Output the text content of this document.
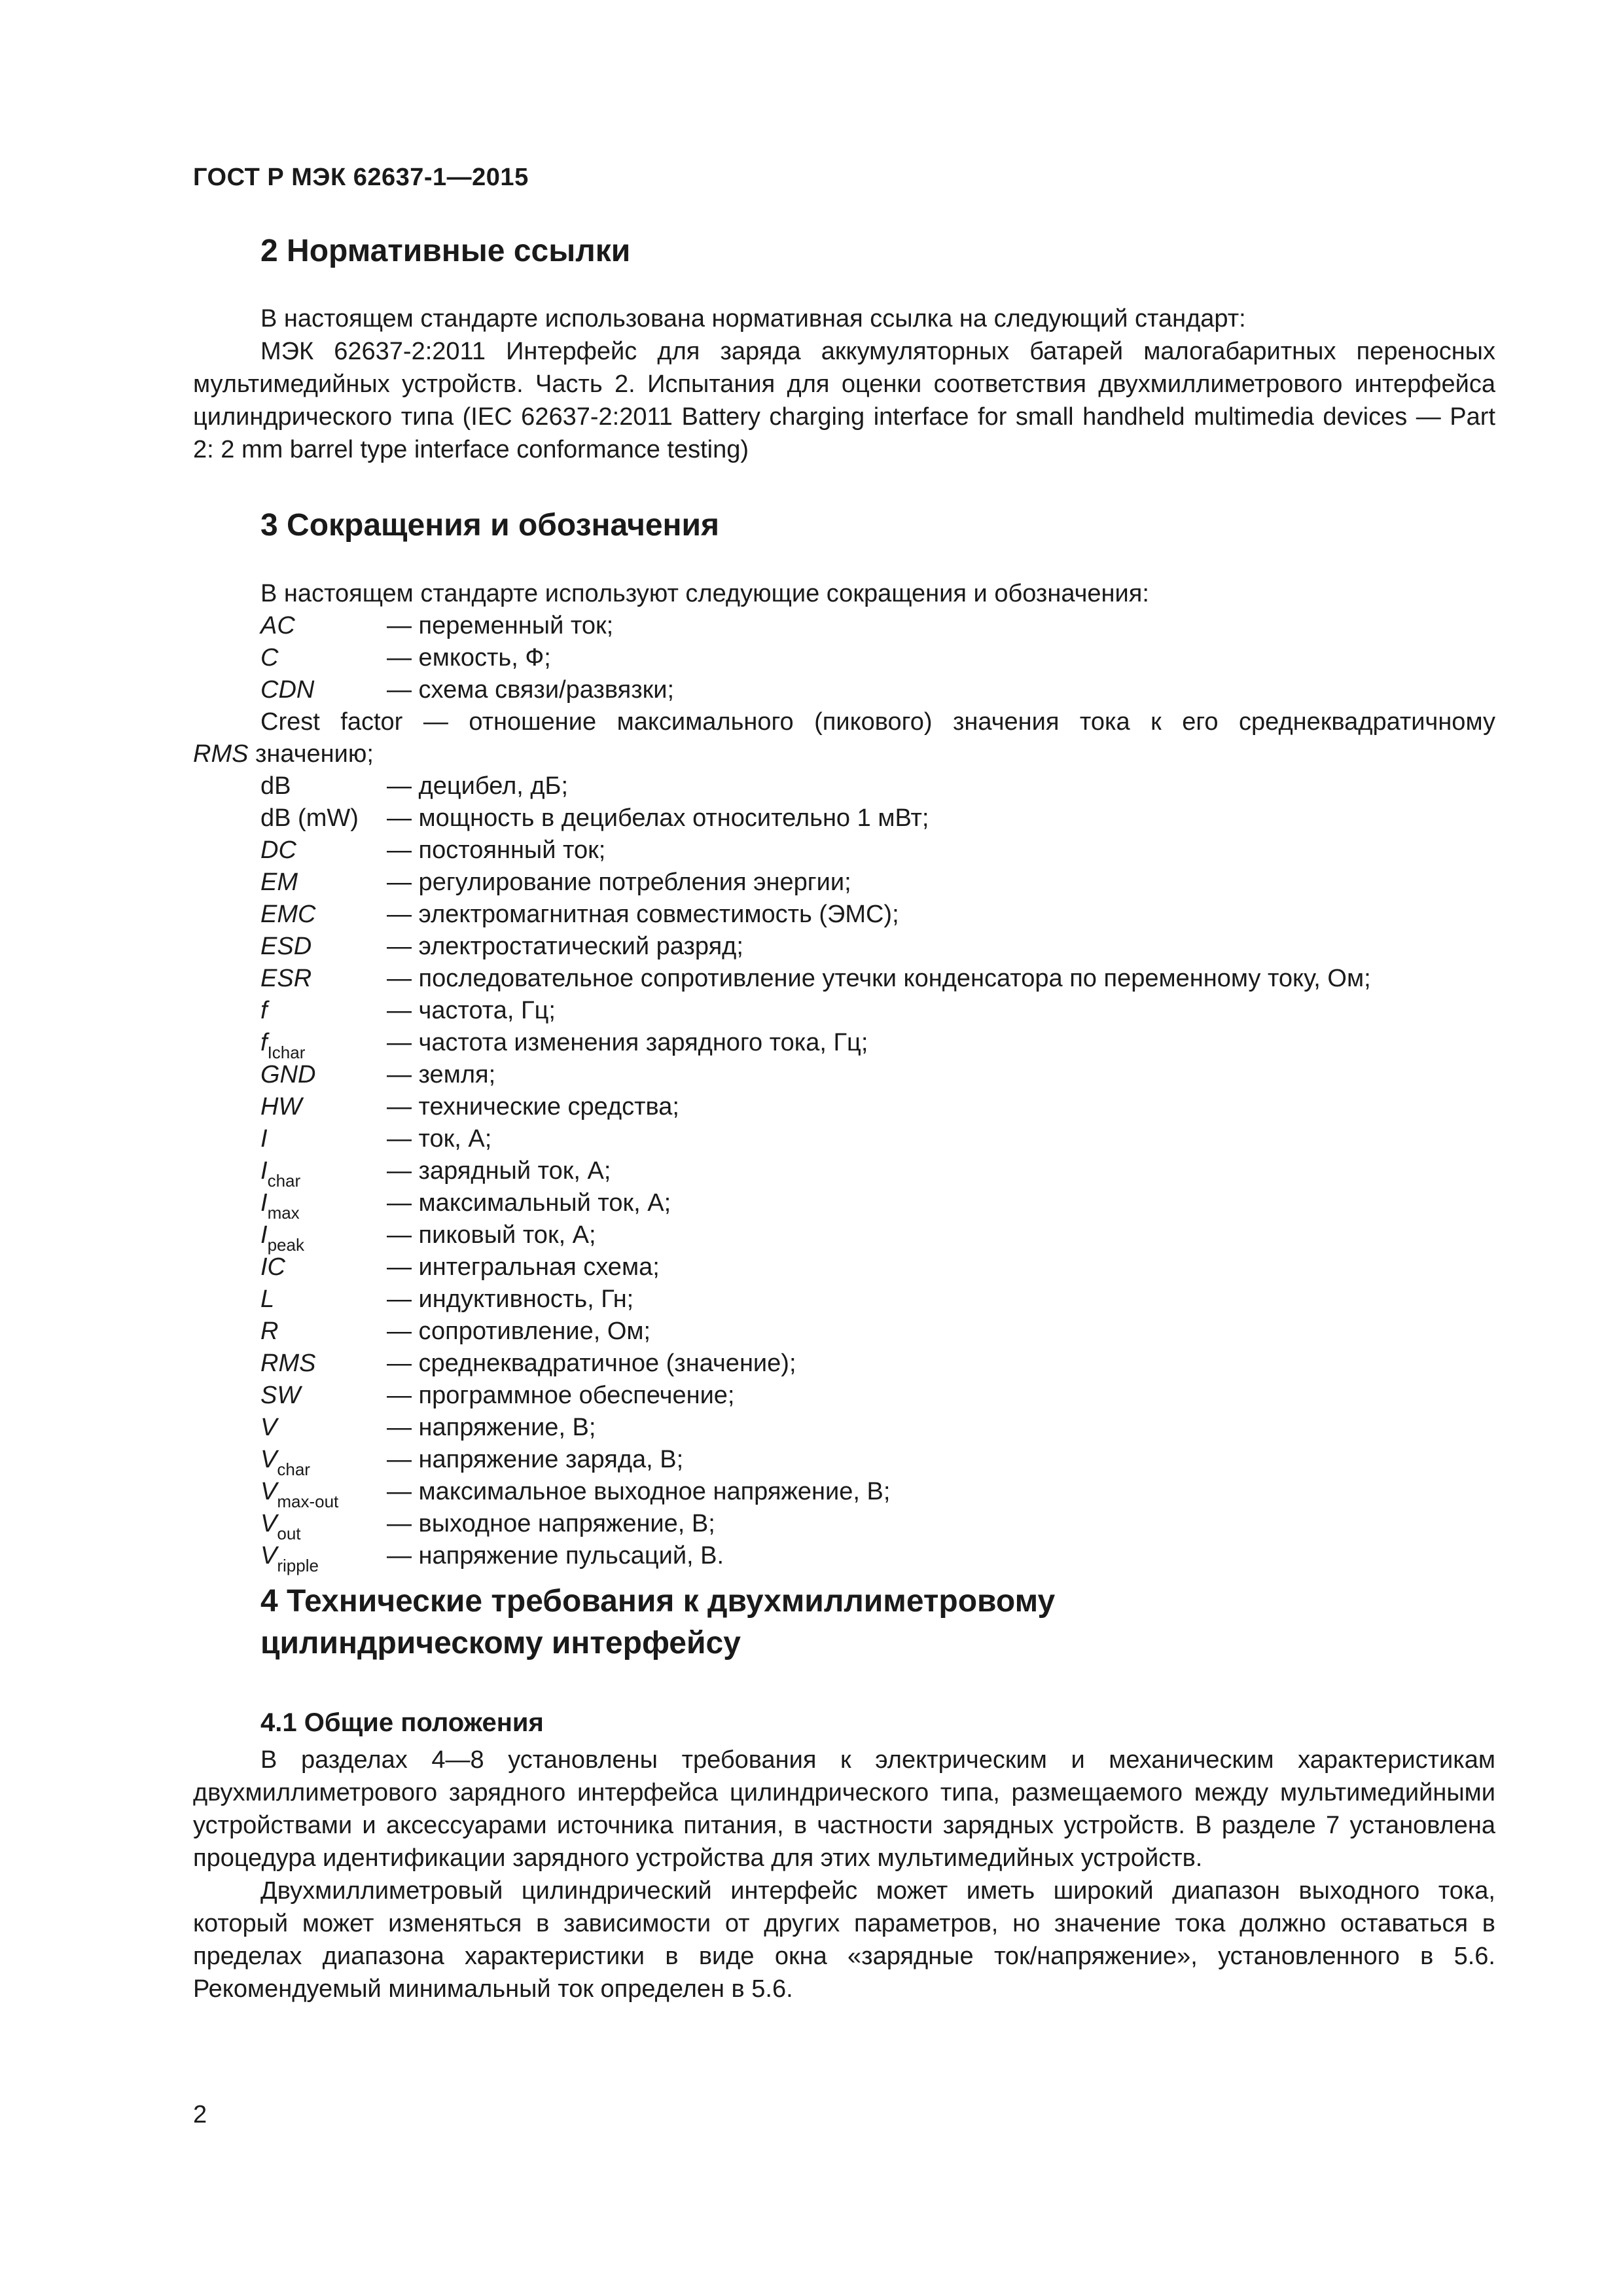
ГОСТ Р МЭК 62637-1—2015
2 Нормативные ссылки

В настоящем стандарте использована нормативная ссылка на следующий стандарт:

МЭК 62637-2:2011 Интерфейс для заряда аккумуляторных батарей малогабаритных переносных мультимедийных устройств. Часть 2. Испытания для оценки соответствия двухмиллиметрового интерфейса цилиндрического типа (IEC 62637-2:2011 Battery charging interface for small handheld multimedia devices — Part 2: 2 mm barrel type interface conformance testing)

3 Сокращения и обозначения
В настоящем стандарте используют следующие сокращения и обозначения:
AC	— переменный ток;
C	— емкость, Ф;
CDN	— схема связи/развязки;
Crest factor — отношение максимального (пикового) значения тока к его среднеквадратичному
RMS значению;
dB	— децибел, дБ;
dB (mW)	— мощность в децибелах относительно 1 мВт;
DC	— постоянный ток;
EM	— регулирование потребления энергии;
EMC	— электромагнитная совместимость (ЭМС);
ESD	— электростатический разряд;
ESR	— последовательное сопротивление утечки конденсатора по переменному току, Ом;
f	— частота, Гц;
$f_{Ichar}$	— частота изменения зарядного тока, Гц;
GND	— земля;
HW	— технические средства;
I	— ток, А;
$I_{char}$	— зарядный ток, А;
$I_{max}$	— максимальный ток, А;
$I_{peak}$	— пиковый ток, А;
IC	— интегральная схема;
L	— индуктивность, Гн;
R	— сопротивление, Ом;
RMS	— среднеквадратичное (значение);
SW	— программное обеспечение;
V	— напряжение, В;
$V_{char}$	— напряжение заряда, В;
$V_{max-out}$	— максимальное выходное напряжение, В;
$V_{out}$	— выходное напряжение, В;
$V_{ripple}$	— напряжение пульсаций, В.
4 Технические требования к двухмиллиметровому
цилиндрическому интерфейсу
4.1 Общие положения

В разделах 4—8 установлены требования к электрическим и механическим характеристикам двухмиллиметрового зарядного интерфейса цилиндрического типа, размещаемого между мультимедийными устройствами и аксессуарами источника питания, в частности зарядных устройств. В разделе 7 установлена процедура идентификации зарядного устройства для этих мультимедийных устройств.

Двухмиллиметровый цилиндрический интерфейс может иметь широкий диапазон выходного тока, который может изменяться в зависимости от других параметров, но значение тока должно оставаться в пределах диапазона характеристики в виде окна «зарядные ток/напряжение», установленного в 5.6. Рекомендуемый минимальный ток определен в 5.6.

2
